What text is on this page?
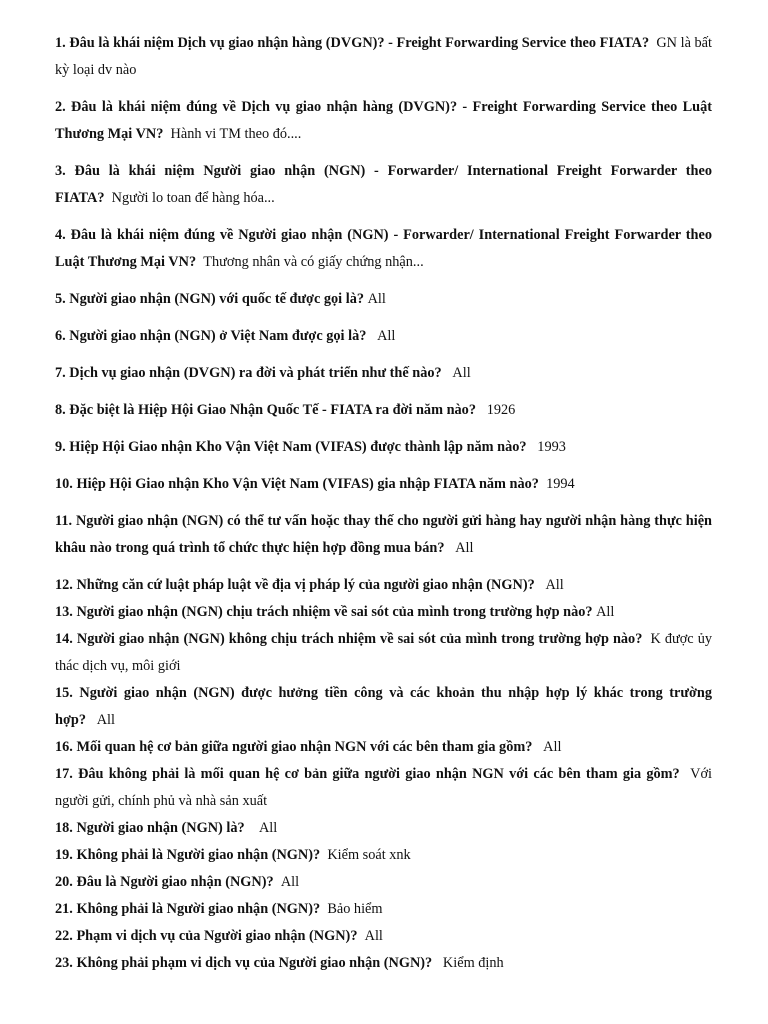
1. Đâu là khái niệm Dịch vụ giao nhận hàng (DVGN)? - Freight Forwarding Service theo FIATA? GN là bất kỳ loại dv nào

2. Đâu là khái niệm đúng về Dịch vụ giao nhận hàng (DVGN)? - Freight Forwarding Service theo Luật Thương Mại VN? Hành vi TM theo đó....

3. Đâu là khái niệm Người giao nhận (NGN) - Forwarder/ International Freight Forwarder theo FIATA? Người lo toan để hàng hóa...

4. Đâu là khái niệm đúng về Người giao nhận (NGN) - Forwarder/ International Freight Forwarder theo Luật Thương Mại VN? Thương nhân và có giấy chứng nhận...

5. Người giao nhận (NGN) với quốc tế được gọi là? All

6. Người giao nhận (NGN) ở Việt Nam được gọi là? All

7. Dịch vụ giao nhận (DVGN) ra đời và phát triển như thế nào? All

8. Đặc biệt là Hiệp Hội Giao Nhận Quốc Tế - FIATA ra đời năm nào? 1926

9. Hiệp Hội Giao nhận Kho Vận Việt Nam (VIFAS) được thành lập năm nào? 1993

10. Hiệp Hội Giao nhận Kho Vận Việt Nam (VIFAS) gia nhập FIATA năm nào? 1994

11. Người giao nhận (NGN) có thể tư vấn hoặc thay thế cho người gửi hàng hay người nhận hàng thực hiện khâu nào trong quá trình tổ chức thực hiện hợp đồng mua bán? All

12. Những căn cứ luật pháp luật về địa vị pháp lý của người giao nhận (NGN)? All

13. Người giao nhận (NGN) chịu trách nhiệm về sai sót của mình trong trường hợp nào? All

14. Người giao nhận (NGN) không chịu trách nhiệm về sai sót của mình trong trường hợp nào? K được ủy thác dịch vụ, môi giới

15. Người giao nhận (NGN) được hưởng tiền công và các khoản thu nhập hợp lý khác trong trường hợp? All

16. Mối quan hệ cơ bản giữa người giao nhận NGN với các bên tham gia gồm? All

17. Đâu không phải là mối quan hệ cơ bản giữa người giao nhận NGN với các bên tham gia gồm? Với người gửi, chính phủ và nhà sản xuất

18. Người giao nhận (NGN) là? All

19. Không phải là Người giao nhận (NGN)? Kiểm soát xnk

20. Đâu là Người giao nhận (NGN)? All

21. Không phải là Người giao nhận (NGN)? Bảo hiểm

22. Phạm vi dịch vụ của Người giao nhận (NGN)? All

23. Không phải phạm vi dịch vụ của Người giao nhận (NGN)? Kiểm định
